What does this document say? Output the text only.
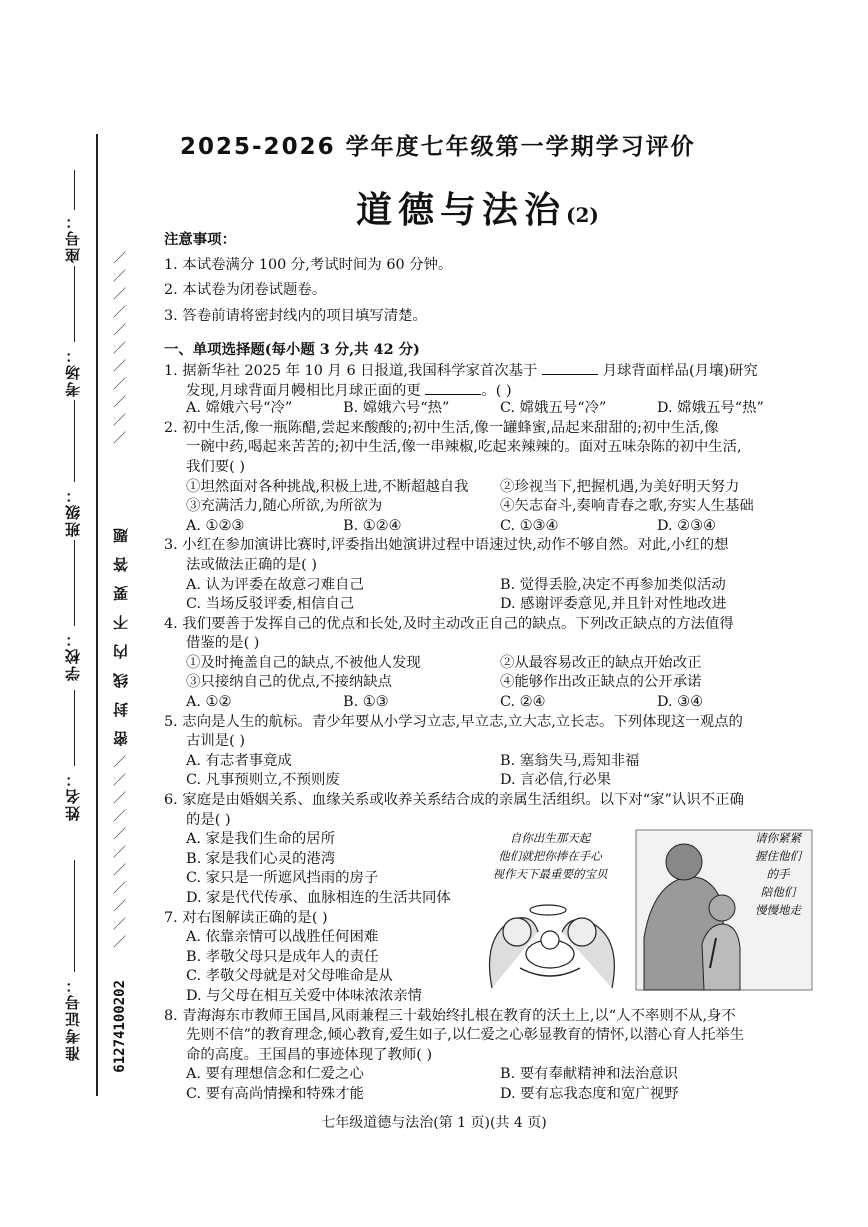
座号：
／／／／／／／／／／／
考场：
班级：
密封线内不要答题
学校：
姓名： ／／／／／／／／／／／
准考证号： 61274100202
2025-2026 学年度七年级第一学期学习评价
道德与法治(2)
注意事项：
1. 本试卷满分 100 分,考试时间为 60 分钟。
2. 本试卷为闭卷试题卷。
3. 答卷前请将密封线内的项目填写清楚。
一、单项选择题(每小题 3 分,共 42 分)
1. 据新华社 2025 年 10 月 6 日报道,我国科学家首次基于	月球背面样品(月壤)研究
发现,月球背面月幔相比月球正面的更	。( )
A. 嫦娥六号“冷”	B. 嫦娥六号“热”	C. 嫦娥五号“冷”	D. 嫦娥五号“热”
2. 初中生活,像一瓶陈醋,尝起来酸酸的;初中生活,像一罐蜂蜜,品起来甜甜的;初中生活,像
一碗中药,喝起来苦苦的;初中生活,像一串辣椒,吃起来辣辣的。面对五味杂陈的初中生活,
我们要( )
①坦然面对各种挑战,积极上进,不断超越自我	②珍视当下,把握机遇,为美好明天努力
③充满活力,随心所欲,为所欲为	④矢志奋斗,奏响青春之歌,夯实人生基础
A. ①②③	B. ①②④	C. ①③④	D. ②③④
3. 小红在参加演讲比赛时,评委指出她演讲过程中语速过快,动作不够自然。对此,小红的想
法或做法正确的是( )
A. 认为评委在故意刁难自己	B. 觉得丢脸,决定不再参加类似活动
C. 当场反驳评委,相信自己	D. 感谢评委意见,并且针对性地改进
4. 我们要善于发挥自己的优点和长处,及时主动改正自己的缺点。下列改正缺点的方法值得
借鉴的是( )
①及时掩盖自己的缺点,不被他人发现	②从最容易改正的缺点开始改正
③只接纳自己的优点,不接纳缺点	④能够作出改正缺点的公开承诺
A. ①②	B. ①③	C. ②④	D. ③④
5. 志向是人生的航标。青少年要从小学习立志,早立志,立大志,立长志。下列体现这一观点的
古训是( )
A. 有志者事竟成	B. 塞翁失马,焉知非福
C. 凡事预则立,不预则废	D. 言必信,行必果
6. 家庭是由婚姻关系、血缘关系或收养关系结合成的亲属生活组织。以下对“家”认识不正确
的是( )
A. 家是我们生命的居所
B. 家是我们心灵的港湾
C. 家只是一所遮风挡雨的房子
D. 家是代代传承、血脉相连的生活共同体
7. 对右图解读正确的是( )
A. 依靠亲情可以战胜任何困难
B. 孝敬父母只是成年人的责任
C. 孝敬父母就是对父母唯命是从
D. 与父母在相互关爱中体味浓浓亲情
8. 青海海东市教师王国昌,风雨兼程三十载始终扎根在教育的沃土上,以“人不率则不从,身不
先则不信”的教育理念,倾心教育,爱生如子,以仁爱之心彰显教育的情怀,以潜心育人托举生
命的高度。王国昌的事迹体现了教师( )
A. 要有理想信念和仁爱之心	B. 要有奉献精神和法治意识
C. 要有高尚情操和特殊才能	D. 要有忘我态度和宽广视野
自你出生那天起
他们就把你捧在手心
视作天下最重要的宝贝
请你紧紧
握住他们
的手
陪他们
慢慢地走
七年级道德与法治(第 1 页)(共 4 页)
